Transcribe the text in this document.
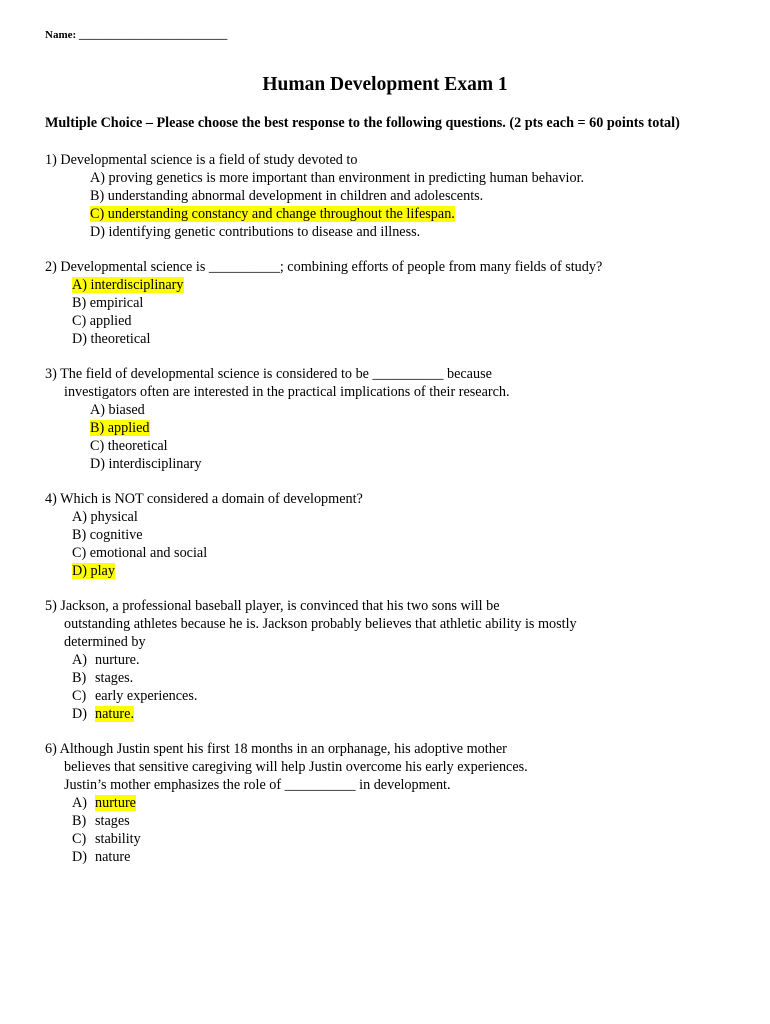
Name: ___________________________
Human Development Exam 1
Multiple Choice – Please choose the best response to the following questions. (2 pts each = 60 points total)
1) Developmental science is a field of study devoted to
A) proving genetics is more important than environment in predicting human behavior.
B) understanding abnormal development in children and adolescents.
C) understanding constancy and change throughout the lifespan.
D) identifying genetic contributions to disease and illness.
2) Developmental science is __________; combining efforts of people from many fields of study?
A) interdisciplinary
B) empirical
C) applied
D) theoretical
3) The field of developmental science is considered to be __________ because
investigators often are interested in the practical implications of their research.
A) biased
B) applied
C) theoretical
D) interdisciplinary
4) Which is NOT considered a domain of development?
A) physical
B) cognitive
C) emotional and social
D) play
5) Jackson, a professional baseball player, is convinced that his two sons will be
outstanding athletes because he is. Jackson probably believes that athletic ability is mostly
determined by
A) nurture.
B) stages.
C) early experiences.
D) nature.
6) Although Justin spent his first 18 months in an orphanage, his adoptive mother
believes that sensitive caregiving will help Justin overcome his early experiences.
Justin’s mother emphasizes the role of __________ in development.
A) nurture
B) stages
C) stability
D) nature
